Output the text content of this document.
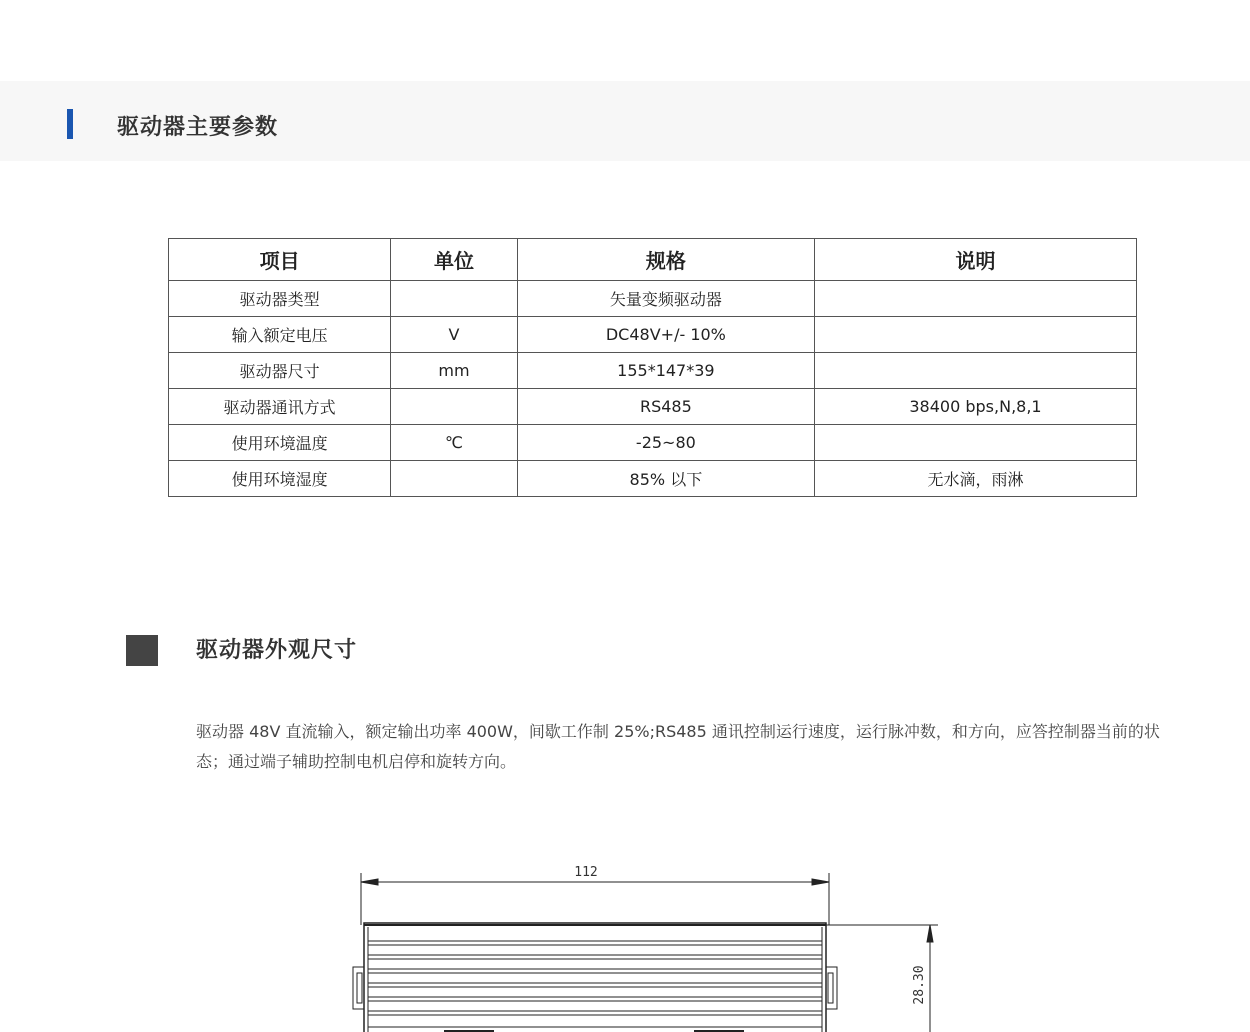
驱动器主要参数
项目	单位	规格	说明
驱动器类型		矢量变频驱动器	
输入额定电压	V	DC48V+/- 10%	
驱动器尺寸	mm	155*147*39	
驱动器通讯方式		RS485	38400 bps,N,8,1
使用环境温度	℃	-25~80	
使用环境湿度		85% 以下	无水滴，雨淋
驱动器外观尺寸

驱动器 48V 直流输入，额定输出功率 400W，间歇工作制 25%;RS485 通讯控制运行速度，运行脉冲数，和方向，应答控制器当前的状态；通过端子辅助控制电机启停和旋转方向。

112
28.30
